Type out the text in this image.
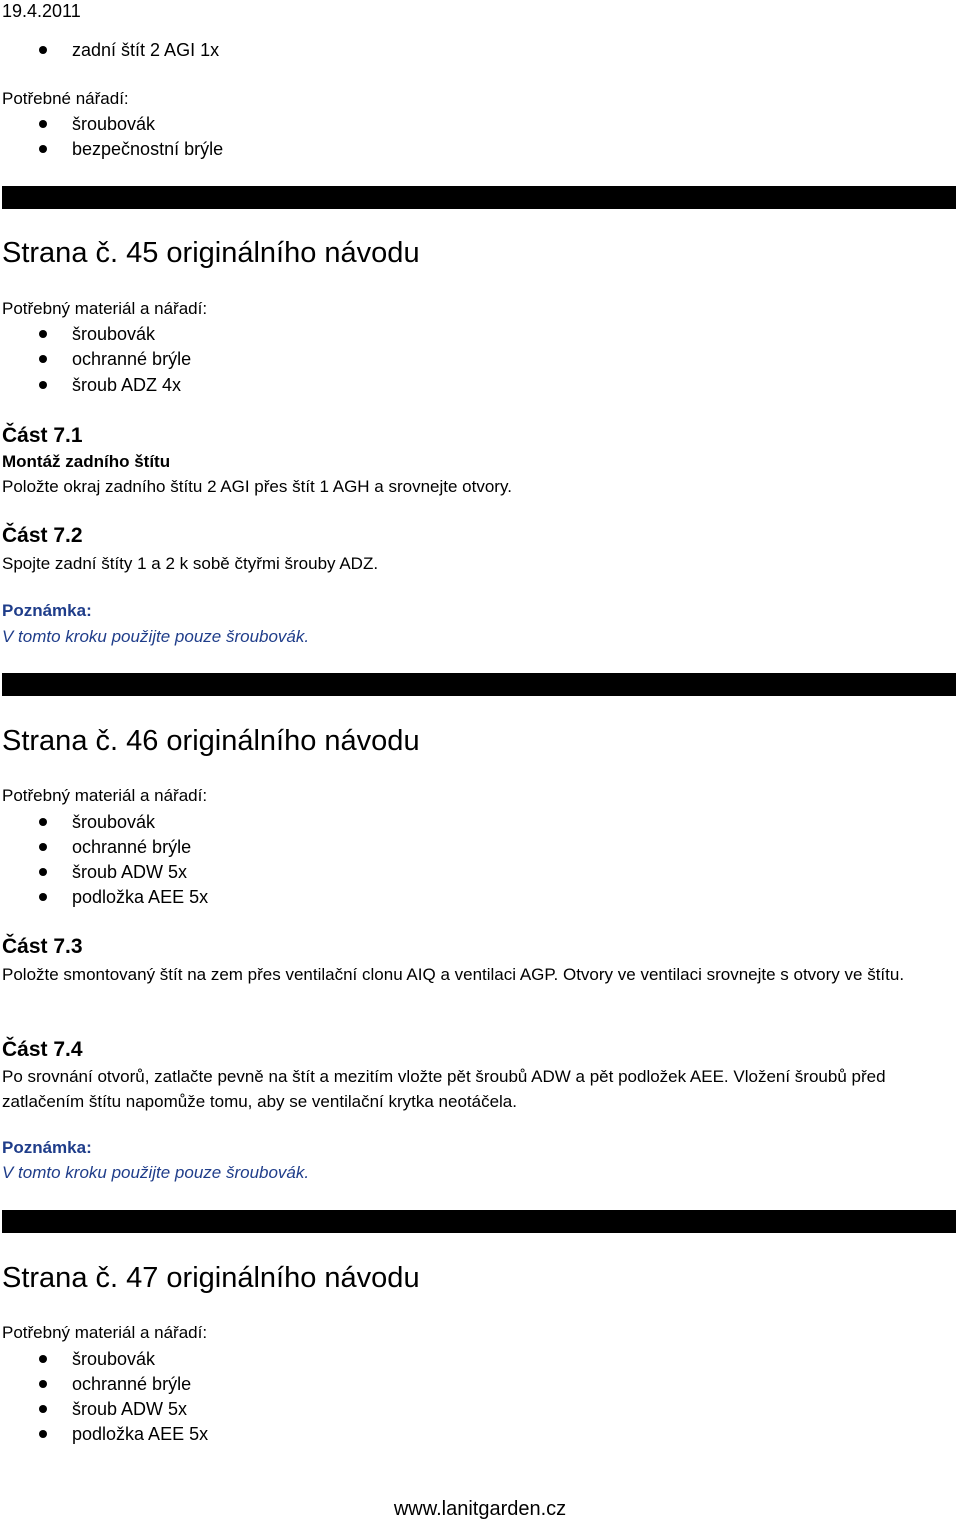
19.4.2011
zadní štít 2 AGI 1x
Potřebné nářadí:
šroubovák
bezpečnostní brýle
Strana č. 45 originálního návodu
Potřebný materiál a nářadí:
šroubovák
ochranné brýle
šroub ADZ 4x
Část 7.1
Montáž zadního štítu
Položte okraj zadního štítu 2 AGI přes štít 1 AGH a srovnejte otvory.
Část 7.2
Spojte zadní štíty 1 a 2 k sobě čtyřmi šrouby ADZ.
Poznámka:
V tomto kroku použijte pouze šroubovák.
Strana č. 46 originálního návodu
Potřebný materiál a nářadí:
šroubovák
ochranné brýle
šroub ADW 5x
podložka AEE 5x
Část 7.3
Položte smontovaný štít na zem přes ventilační clonu AIQ a ventilaci AGP. Otvory ve ventilaci srovnejte s otvory ve štítu.
Část 7.4
Po srovnání otvorů, zatlačte pevně na štít a mezitím vložte pět šroubů ADW a pět podložek AEE. Vložení šroubů před zatlačením štítu napomůže tomu, aby se ventilační krytka neotáčela.
Poznámka:
V tomto kroku použijte pouze šroubovák.
Strana č. 47 originálního návodu
Potřebný materiál a nářadí:
šroubovák
ochranné brýle
šroub ADW 5x
podložka AEE 5x
www.lanitgarden.cz
